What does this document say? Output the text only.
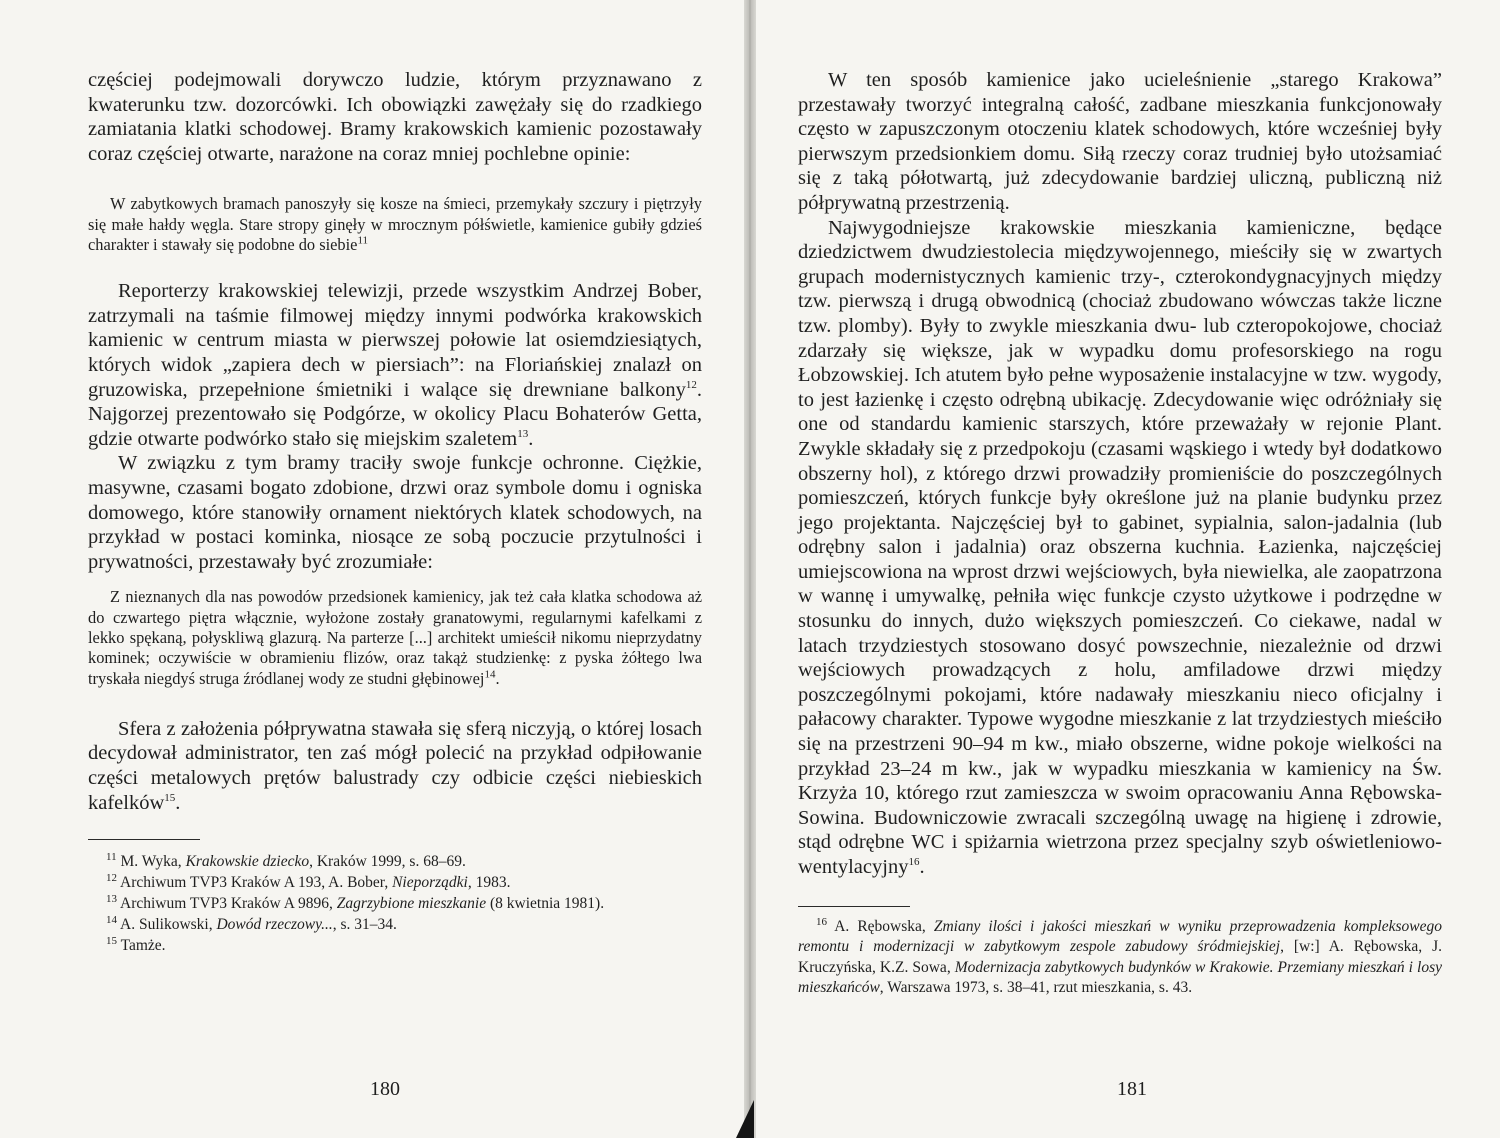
częściej podejmowali dorywczo ludzie, którym przyznawano z kwaterunku tzw. dozorcówki. Ich obowiązki zawężały się do rzadkiego zamiatania klatki schodowej. Bramy krakowskich kamienic pozostawały coraz częściej otwarte, narażone na coraz mniej pochlebne opinie:

W zabytkowych bramach panoszyły się kosze na śmieci, przemykały szczury i piętrzyły się małe hałdy węgla. Stare stropy ginęły w mrocznym półświetle, kamienice gubiły gdzieś charakter i stawały się podobne do siebie$^{11}$

Reporterzy krakowskiej telewizji, przede wszystkim Andrzej Bober, zatrzymali na taśmie filmowej między innymi podwórka krakowskich kamienic w centrum miasta w pierwszej połowie lat osiemdziesiątych, których widok „zapiera dech w piersiach”: na Floriańskiej znalazł on gruzowiska, przepełnione śmietniki i walące się drewniane balkony$^{12}$. Najgorzej prezentowało się Podgórze, w okolicy Placu Bohaterów Getta, gdzie otwarte podwórko stało się miejskim szaletem$^{13}$.

W związku z tym bramy traciły swoje funkcje ochronne. Ciężkie, masywne, czasami bogato zdobione, drzwi oraz symbole domu i ogniska domowego, które stanowiły ornament niektórych klatek schodowych, na przykład w postaci kominka, niosące ze sobą poczucie przytulności i prywatności, przestawały być zrozumiałe:

Z nieznanych dla nas powodów przedsionek kamienicy, jak też cała klatka schodowa aż do czwartego piętra włącznie, wyłożone zostały granatowymi, regularnymi kafelkami z lekko spękaną, połyskliwą glazurą. Na parterze [...] architekt umieścił nikomu nieprzydatny kominek; oczywiście w obramieniu flizów, oraz takąż studzienkę: z pyska żółtego lwa tryskała niegdyś struga źródlanej wody ze studni głębinowej$^{14}$.

Sfera z założenia półprywatna stawała się sferą niczyją, o której losach decydował administrator, ten zaś mógł polecić na przykład odpiłowanie części metalowych prętów balustrady czy odbicie części niebieskich kafelków$^{15}$.

$^{11}$ M. Wyka, Krakowskie dziecko, Kraków 1999, s. 68–69.

$^{12}$ Archiwum TVP3 Kraków A 193, A. Bober, Nieporządki, 1983.

$^{13}$ Archiwum TVP3 Kraków A 9896, Zagrzybione mieszkanie (8 kwietnia 1981).

$^{14}$ A. Sulikowski, Dowód rzeczowy..., s. 31–34.

$^{15}$ Tamże.

180

W ten sposób kamienice jako ucieleśnienie „starego Krakowa” przestawały tworzyć integralną całość, zadbane mieszkania funkcjonowały często w zapuszczonym otoczeniu klatek schodowych, które wcześniej były pierwszym przedsionkiem domu. Siłą rzeczy coraz trudniej było utożsamiać się z taką półotwartą, już zdecydowanie bardziej uliczną, publiczną niż półprywatną przestrzenią.

Najwygodniejsze krakowskie mieszkania kamieniczne, będące dziedzictwem dwudziestolecia międzywojennego, mieściły się w zwartych grupach modernistycznych kamienic trzy-, czterokondygnacyjnych między tzw. pierwszą i drugą obwodnicą (chociaż zbudowano wówczas także liczne tzw. plomby). Były to zwykle mieszkania dwu- lub czteropokojowe, chociaż zdarzały się większe, jak w wypadku domu profesorskiego na rogu Łobzowskiej. Ich atutem było pełne wyposażenie instalacyjne w tzw. wygody, to jest łazienkę i często odrębną ubikację. Zdecydowanie więc odróżniały się one od standardu kamienic starszych, które przeważały w rejonie Plant. Zwykle składały się z przedpokoju (czasami wąskiego i wtedy był dodatkowo obszerny hol), z którego drzwi prowadziły promieniście do poszczególnych pomieszczeń, których funkcje były określone już na planie budynku przez jego projektanta. Najczęściej był to gabinet, sypialnia, salon-jadalnia (lub odrębny salon i jadalnia) oraz obszerna kuchnia. Łazienka, najczęściej umiejscowiona na wprost drzwi wejściowych, była niewielka, ale zaopatrzona w wannę i umywalkę, pełniła więc funkcje czysto użytkowe i podrzędne w stosunku do innych, dużo większych pomieszczeń. Co ciekawe, nadal w latach trzydziestych stosowano dosyć powszechnie, niezależnie od drzwi wejściowych prowadzących z holu, amfiladowe drzwi między poszczególnymi pokojami, które nadawały mieszkaniu nieco oficjalny i pałacowy charakter. Typowe wygodne mieszkanie z lat trzydziestych mieściło się na przestrzeni 90–94 m kw., miało obszerne, widne pokoje wielkości na przykład 23–24 m kw., jak w wypadku mieszkania w kamienicy na Św. Krzyża 10, którego rzut zamieszcza w swoim opracowaniu Anna Rębowska-Sowina. Budowniczowie zwracali szczególną uwagę na higienę i zdrowie, stąd odrębne WC i spiżarnia wietrzona przez specjalny szyb oświetleniowo-wentylacyjny$^{16}$.

$^{16}$ A. Rębowska, Zmiany ilości i jakości mieszkań w wyniku przeprowadzenia kompleksowego remontu i modernizacji w zabytkowym zespole zabudowy śródmiejskiej, [w:] A. Rębowska, J. Kruczyńska, K.Z. Sowa, Modernizacja zabytkowych budynków w Krakowie. Przemiany mieszkań i losy mieszkańców, Warszawa 1973, s. 38–41, rzut mieszkania, s. 43.

181
